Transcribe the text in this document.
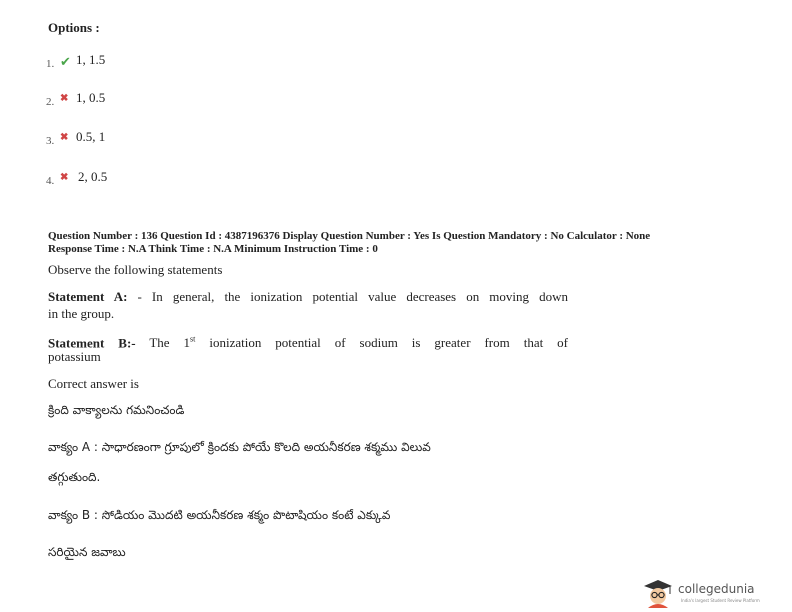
Options :
1. ✔ 1, 1.5
2. ✖ 1, 0.5
3. ✖ 0.5, 1
4. ✖ 2, 0.5
Question Number : 136 Question Id : 4387196376 Display Question Number : Yes Is Question Mandatory : No Calculator : None
Response Time : N.A Think Time : N.A Minimum Instruction Time : 0
Observe the following statements
Statement A: - In general, the ionization potential value decreases on moving down
in the group.
Statement B:- The 1st ionization potential of sodium is greater from that of
potassium
Correct answer is
క్రింది వాక్యాలను గమనించండి
వాక్యం A : సాధారణంగా గ్రూపులో క్రిందకు పోయే కొలది అయనీకరణ శక్మము విలువ
తగ్గుతుంది.
వాక్యం B : సోడియం మొదటి అయనీకరణ శక్మం పొటాషియం కంటే ఎక్కువ
సరియైన జవాబు
collegedunia
India's largest Student Review Platform
